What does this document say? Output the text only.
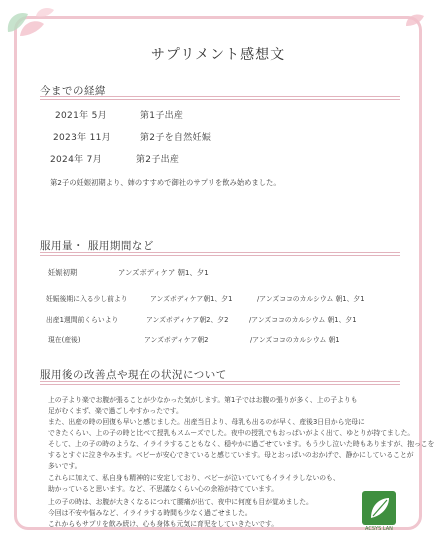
サプリメント感想文
今までの経緯
2021年 5月	第1子出産
2023年 11月	第2子を自然妊娠
2024年 7月	第2子出産
第2子の妊娠初期より、姉のすすめで御社のサプリを飲み始めました。
服用量・ 服用期間など
妊娠初期	アンズボディケア 朝1、夕1
妊娠後期に入る少し前より	アンズボディケア朝1、夕1	/アンズココのカルシウム 朝1、夕1
出産1週間前くらいより	アンズボディケア朝2、夕2	/アンズココのカルシウム 朝1、夕1
現在(産後)	アンズボディケア朝2	/アンズココのカルシウム 朝1
服用後の改善点や現在の状況について
上の子より楽でお腹が張ることが少なかった気がします。第1子ではお腹の張りが多く、上の子よりも
足がむくまず、楽で過ごしやすかったです。
また、出産の時の回復も早いと感じました。出産当日より、母乳も出るのが早く、産後3日目から完母に
できたくらい、上の子の時と比べて授乳もスムーズでした。夜中の授乳でもおっぱいがよく出て、ゆとりが持てました。
そして、上の子の時のような、イライラすることもなく、穏やかに過ごせています。もう少し泣いた時もありますが、抱っこを
するとすぐに泣きやみます。ベビーが安心できていると感じています。母とおっぱいのおかげで、静かにしていることが
多いです。
これらに加えて、私自身も精神的に安定しており、ベビーが泣いていてもイライラしないのも、
助かっていると思います。など、不思議なくらい心の余裕が持てています。
上の子の時は、お腹が大きくなるにつれて腰痛が出て、夜中に何度も目が覚めました。
今回は不安や悩みなど、イライラする時間も少なく過ごせました。
これからもサプリを飲み続け、心も身体も元気に育児をしていきたいです。
ACSYS LAN
